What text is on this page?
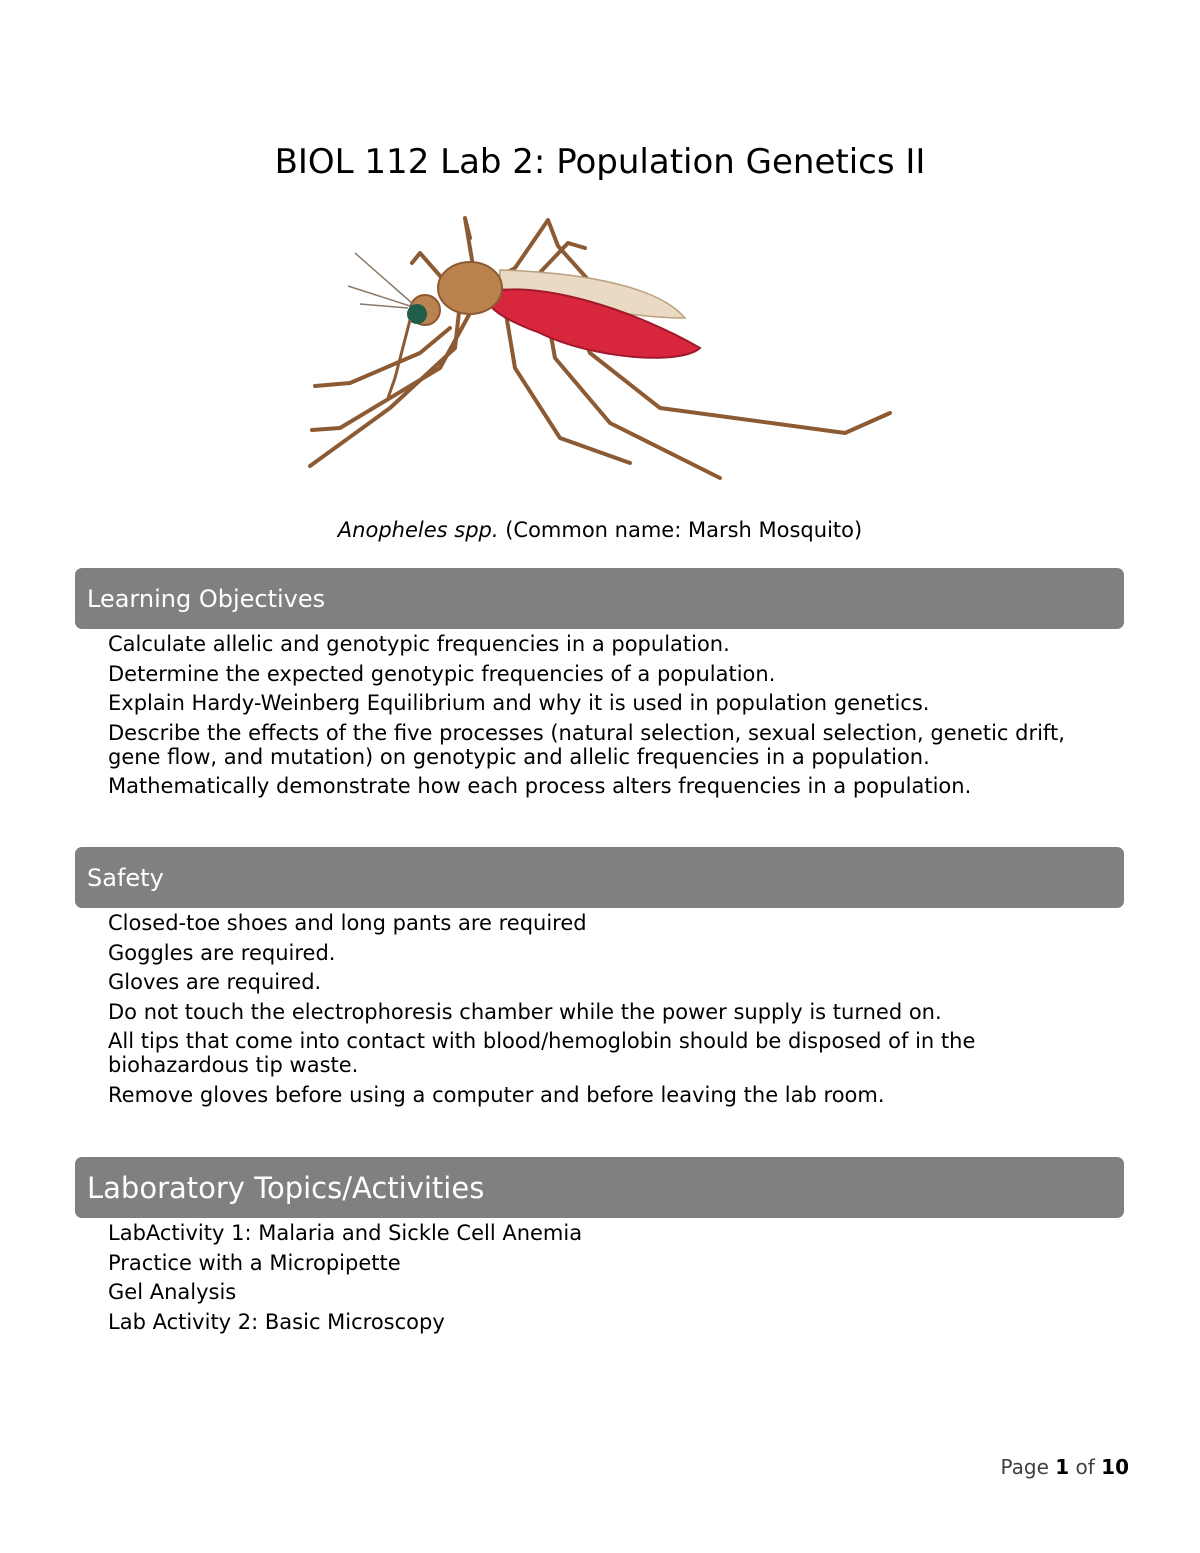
BIOL 112 Lab 2: Population Genetics II
Anopheles spp. (Common name: Marsh Mosquito)
Learning Objectives
Calculate allelic and genotypic frequencies in a population.
Determine the expected genotypic frequencies of a population.
Explain Hardy-Weinberg Equilibrium and why it is used in population genetics.
Describe the effects of the five processes (natural selection, sexual selection, genetic drift, gene flow, and mutation) on genotypic and allelic frequencies in a population.
Mathematically demonstrate how each process alters frequencies in a population.
Safety
Closed-toe shoes and long pants are required
Goggles are required.
Gloves are required.
Do not touch the electrophoresis chamber while the power supply is turned on.
All tips that come into contact with blood/hemoglobin should be disposed of in the biohazardous tip waste.
Remove gloves before using a computer and before leaving the lab room.
Laboratory Topics/Activities
LabActivity 1: Malaria and Sickle Cell Anemia
Practice with a Micropipette
Gel Analysis
Lab Activity 2: Basic Microscopy
Page 1 of 10
